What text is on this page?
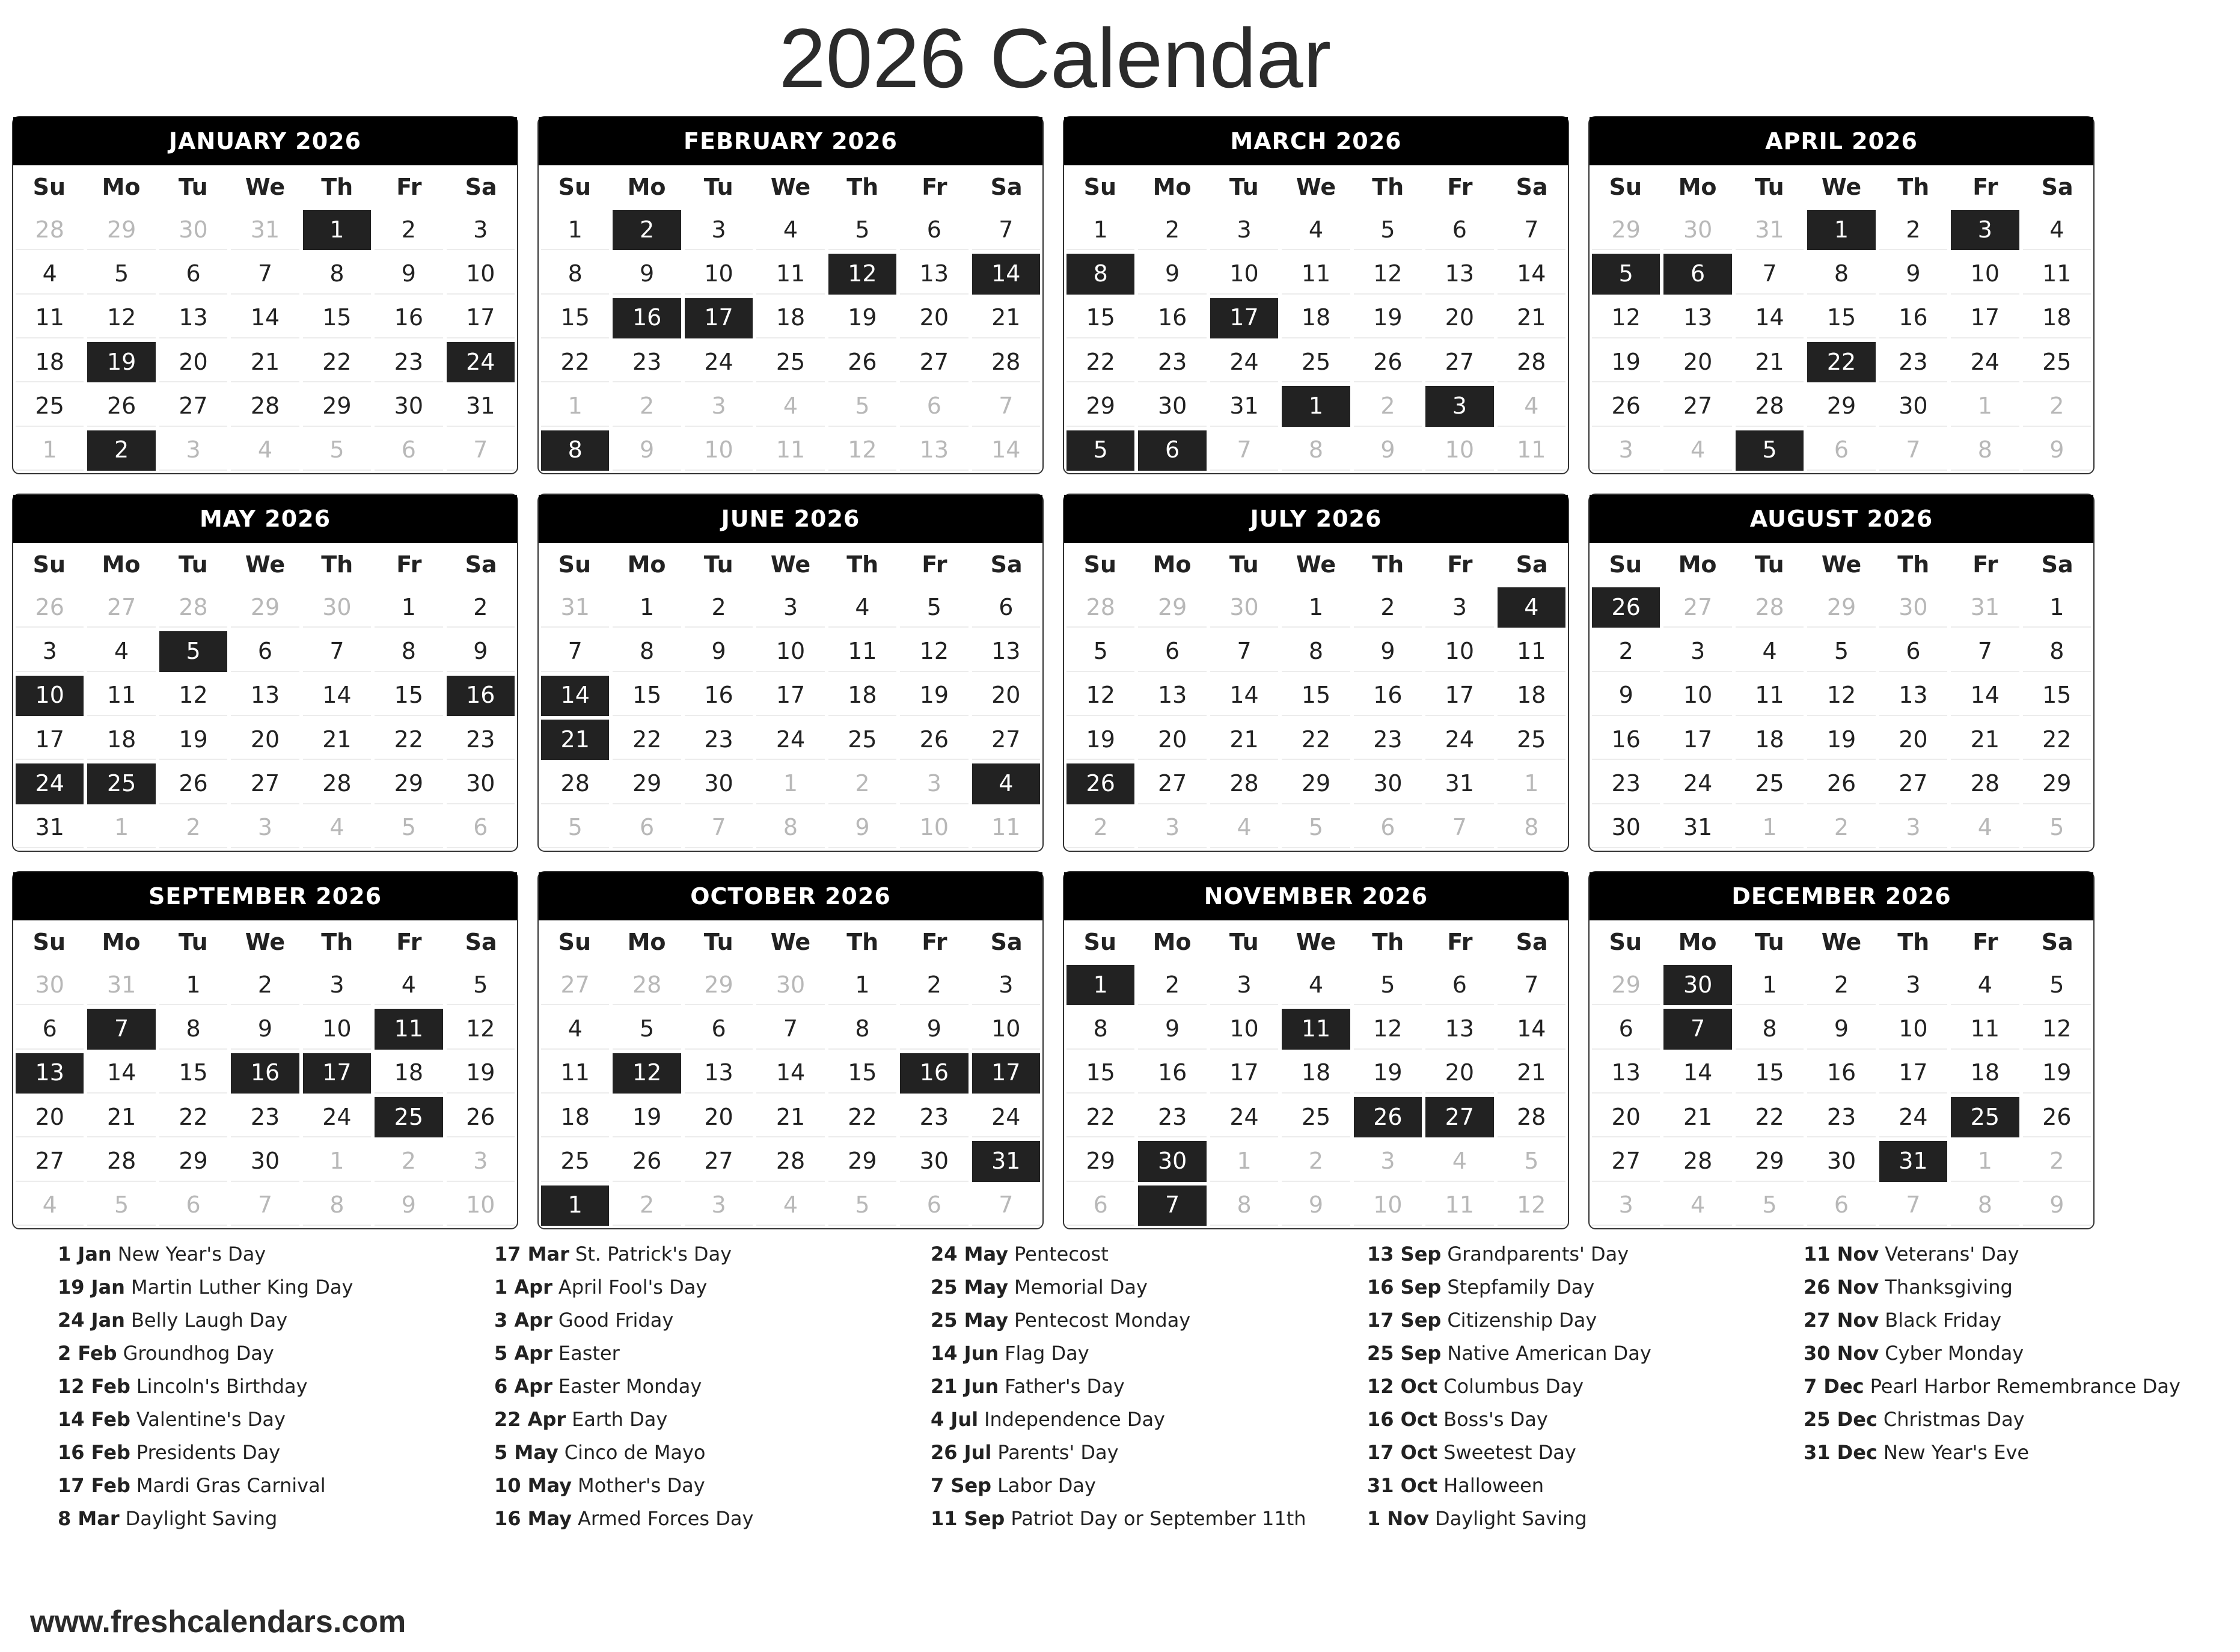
2026 Calendar
JANUARY 2026
Su	Mo	Tu	We	Th	Fr	Sa
28	29	30	31	1	2	3
4	5	6	7	8	9	10
11	12	13	14	15	16	17
18	19	20	21	22	23	24
25	26	27	28	29	30	31
1	2	3	4	5	6	7
FEBRUARY 2026
Su	Mo	Tu	We	Th	Fr	Sa
1	2	3	4	5	6	7
8	9	10	11	12	13	14
15	16	17	18	19	20	21
22	23	24	25	26	27	28
1	2	3	4	5	6	7
8	9	10	11	12	13	14
MARCH 2026
Su	Mo	Tu	We	Th	Fr	Sa
1	2	3	4	5	6	7
8	9	10	11	12	13	14
15	16	17	18	19	20	21
22	23	24	25	26	27	28
29	30	31	1	2	3	4
5	6	7	8	9	10	11
APRIL 2026
Su	Mo	Tu	We	Th	Fr	Sa
29	30	31	1	2	3	4
5	6	7	8	9	10	11
12	13	14	15	16	17	18
19	20	21	22	23	24	25
26	27	28	29	30	1	2
3	4	5	6	7	8	9
MAY 2026
Su	Mo	Tu	We	Th	Fr	Sa
26	27	28	29	30	1	2
3	4	5	6	7	8	9
10	11	12	13	14	15	16
17	18	19	20	21	22	23
24	25	26	27	28	29	30
31	1	2	3	4	5	6
JUNE 2026
Su	Mo	Tu	We	Th	Fr	Sa
31	1	2	3	4	5	6
7	8	9	10	11	12	13
14	15	16	17	18	19	20
21	22	23	24	25	26	27
28	29	30	1	2	3	4
5	6	7	8	9	10	11
JULY 2026
Su	Mo	Tu	We	Th	Fr	Sa
28	29	30	1	2	3	4
5	6	7	8	9	10	11
12	13	14	15	16	17	18
19	20	21	22	23	24	25
26	27	28	29	30	31	1
2	3	4	5	6	7	8
AUGUST 2026
Su	Mo	Tu	We	Th	Fr	Sa
26	27	28	29	30	31	1
2	3	4	5	6	7	8
9	10	11	12	13	14	15
16	17	18	19	20	21	22
23	24	25	26	27	28	29
30	31	1	2	3	4	5
SEPTEMBER 2026
Su	Mo	Tu	We	Th	Fr	Sa
30	31	1	2	3	4	5
6	7	8	9	10	11	12
13	14	15	16	17	18	19
20	21	22	23	24	25	26
27	28	29	30	1	2	3
4	5	6	7	8	9	10
OCTOBER 2026
Su	Mo	Tu	We	Th	Fr	Sa
27	28	29	30	1	2	3
4	5	6	7	8	9	10
11	12	13	14	15	16	17
18	19	20	21	22	23	24
25	26	27	28	29	30	31
1	2	3	4	5	6	7
NOVEMBER 2026
Su	Mo	Tu	We	Th	Fr	Sa
1	2	3	4	5	6	7
8	9	10	11	12	13	14
15	16	17	18	19	20	21
22	23	24	25	26	27	28
29	30	1	2	3	4	5
6	7	8	9	10	11	12
DECEMBER 2026
Su	Mo	Tu	We	Th	Fr	Sa
29	30	1	2	3	4	5
6	7	8	9	10	11	12
13	14	15	16	17	18	19
20	21	22	23	24	25	26
27	28	29	30	31	1	2
3	4	5	6	7	8	9
1 Jan New Year's Day
19 Jan Martin Luther King Day
24 Jan Belly Laugh Day
2 Feb Groundhog Day
12 Feb Lincoln's Birthday
14 Feb Valentine's Day
16 Feb Presidents Day
17 Feb Mardi Gras Carnival
8 Mar Daylight Saving
17 Mar St. Patrick's Day
1 Apr April Fool's Day
3 Apr Good Friday
5 Apr Easter
6 Apr Easter Monday
22 Apr Earth Day
5 May Cinco de Mayo
10 May Mother's Day
16 May Armed Forces Day
24 May Pentecost
25 May Memorial Day
25 May Pentecost Monday
14 Jun Flag Day
21 Jun Father's Day
4 Jul Independence Day
26 Jul Parents' Day
7 Sep Labor Day
11 Sep Patriot Day or September 11th
13 Sep Grandparents' Day
16 Sep Stepfamily Day
17 Sep Citizenship Day
25 Sep Native American Day
12 Oct Columbus Day
16 Oct Boss's Day
17 Oct Sweetest Day
31 Oct Halloween
1 Nov Daylight Saving
11 Nov Veterans' Day
26 Nov Thanksgiving
27 Nov Black Friday
30 Nov Cyber Monday
7 Dec Pearl Harbor Remembrance Day
25 Dec Christmas Day
31 Dec New Year's Eve
www.freshcalendars.com
